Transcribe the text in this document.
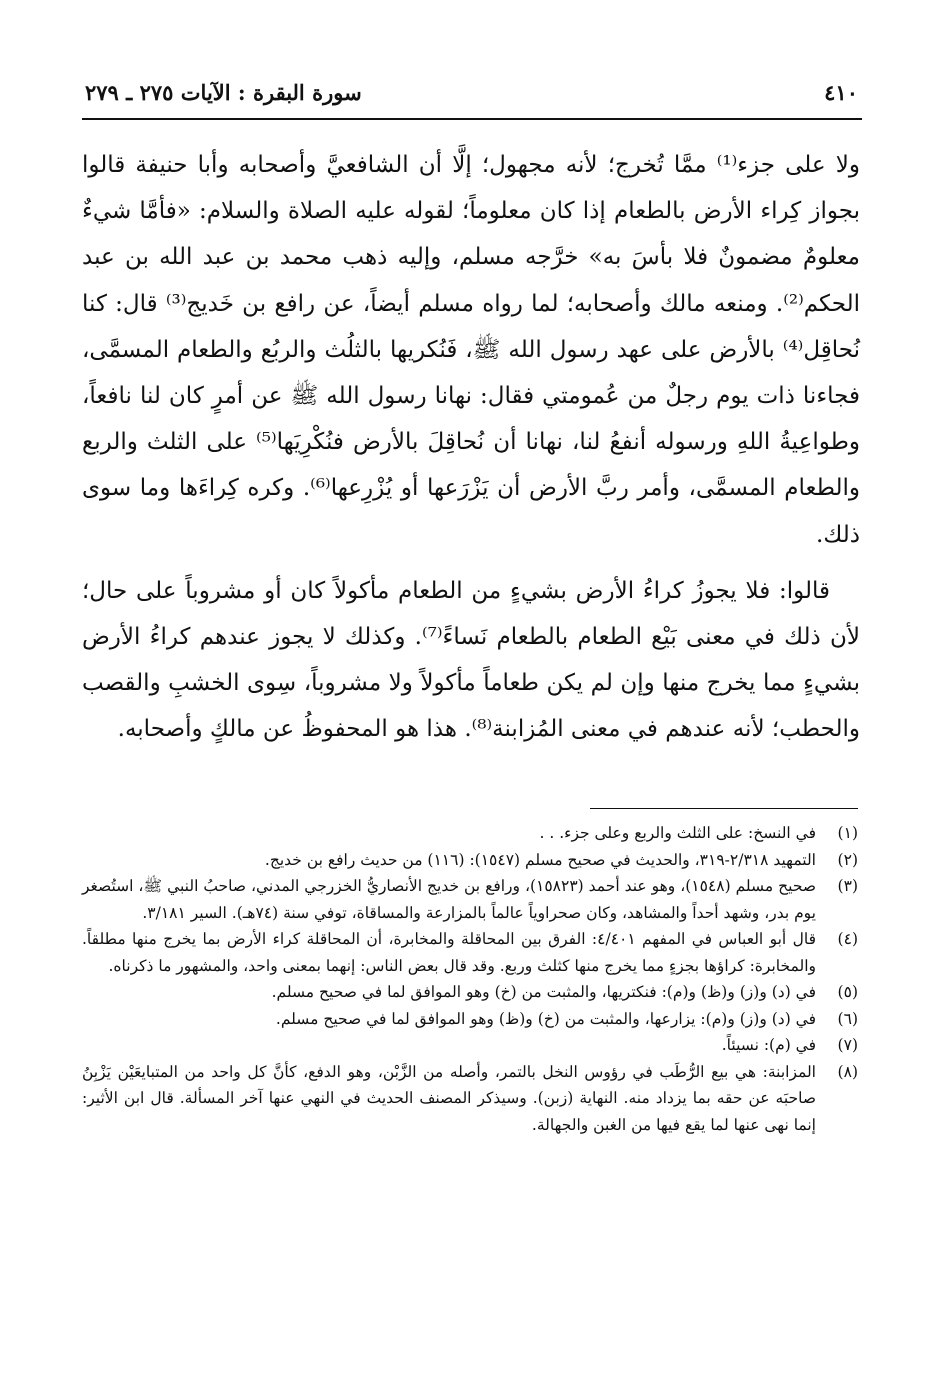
٤١٠
سورة البقرة : الآيات ٢٧٥ ـ ٢٧٩

ولا على جزء⁽¹⁾ ممَّا تُخرج؛ لأنه مجهول؛ إلَّا أن الشافعيَّ وأصحابه وأبا حنيفة قالوا بجواز كِراء الأرض بالطعام إذا كان معلوماً؛ لقوله عليه الصلاة والسلام: «فأمَّا شيءٌ معلومٌ مضمونٌ فلا بأسَ به» خرَّجه مسلم، وإليه ذهب محمد بن عبد الله بن عبد الحكم⁽²⁾. ومنعه مالك وأصحابه؛ لما رواه مسلم أيضاً، عن رافع بن خَديج⁽³⁾ قال: كنا نُحاقِل⁽⁴⁾ بالأرض على عهد رسول الله ﷺ، فَنُكريها بالثلُث والربُع والطعام المسمَّى، فجاءنا ذات يوم رجلٌ من عُمومتي فقال: نهانا رسول الله ﷺ عن أمرٍ كان لنا نافعاً، وطواعِيةُ اللهِ ورسوله أنفعُ لنا، نهانا أن نُحاقِلَ بالأرض فنُكْرِيَها⁽⁵⁾ على الثلث والربع والطعام المسمَّى، وأمر ربَّ الأرض أن يَزْرَعها أو يُزْرِعها⁽⁶⁾. وكره كِراءَها وما سوى ذلك.

قالوا: فلا يجوزُ كراءُ الأرض بشيءٍ من الطعام مأكولاً كان أو مشروباً على حال؛ لأن ذلك في معنى بَيْع الطعام بالطعام نَساءً⁽⁷⁾. وكذلك لا يجوز عندهم كراءُ الأرض بشيءٍ مما يخرج منها وإن لم يكن طعاماً مأكولاً ولا مشروباً، سِوى الخشبِ والقصب والحطب؛ لأنه عندهم في معنى المُزابنة⁽⁸⁾. هذا هو المحفوظُ عن مالكٍ وأصحابه.

(١)
في النسخ: على الثلث والربع وعلى جزء. . .
(٢)
التمهيد ٢/٣١٨-٣١٩، والحديث في صحيح مسلم (١٥٤٧): (١١٦) من حديث رافع بن خديج.
(٣)
صحيح مسلم (١٥٤٨)، وهو عند أحمد (١٥٨٢٣)، ورافع بن خديج الأنصاريُّ الخزرجي المدني، صاحبُ النبي ﷺ، استُصغر يوم بدر، وشهد أحداً والمشاهد، وكان صحراوياً عالماً بالمزارعة والمساقاة، توفي سنة (٧٤هـ). السير ٣/١٨١.
(٤)
قال أبو العباس في المفهم ٤/٤٠١: الفرق بين المحاقلة والمخابرة، أن المحاقلة كراء الأرض بما يخرج منها مطلقاً. والمخابرة: كراؤها بجزءٍ مما يخرج منها كثلث وربع. وقد قال بعض الناس: إنهما بمعنى واحد، والمشهور ما ذكرناه.
(٥)
في (د) و(ز) و(ظ) و(م): فنكتريها، والمثبت من (خ) وهو الموافق لما في صحيح مسلم.
(٦)
في (د) و(ز) و(م): يزارعها، والمثبت من (خ) و(ظ) وهو الموافق لما في صحيح مسلم.
(٧)
في (م): نسيئاً.
(٨)
المزابنة: هي بيع الرُّطَب في رؤوس النخل بالتمر، وأصله من الزَّبْن، وهو الدفع، كأنَّ كل واحد من المتبايعَيْن يَزْبِنُ صاحبَه عن حقه بما يزداد منه. النهاية (زبن). وسيذكر المصنف الحديث في النهي عنها آخر المسألة. قال ابن الأثير: إنما نهى عنها لما يقع فيها من الغبن والجهالة.
